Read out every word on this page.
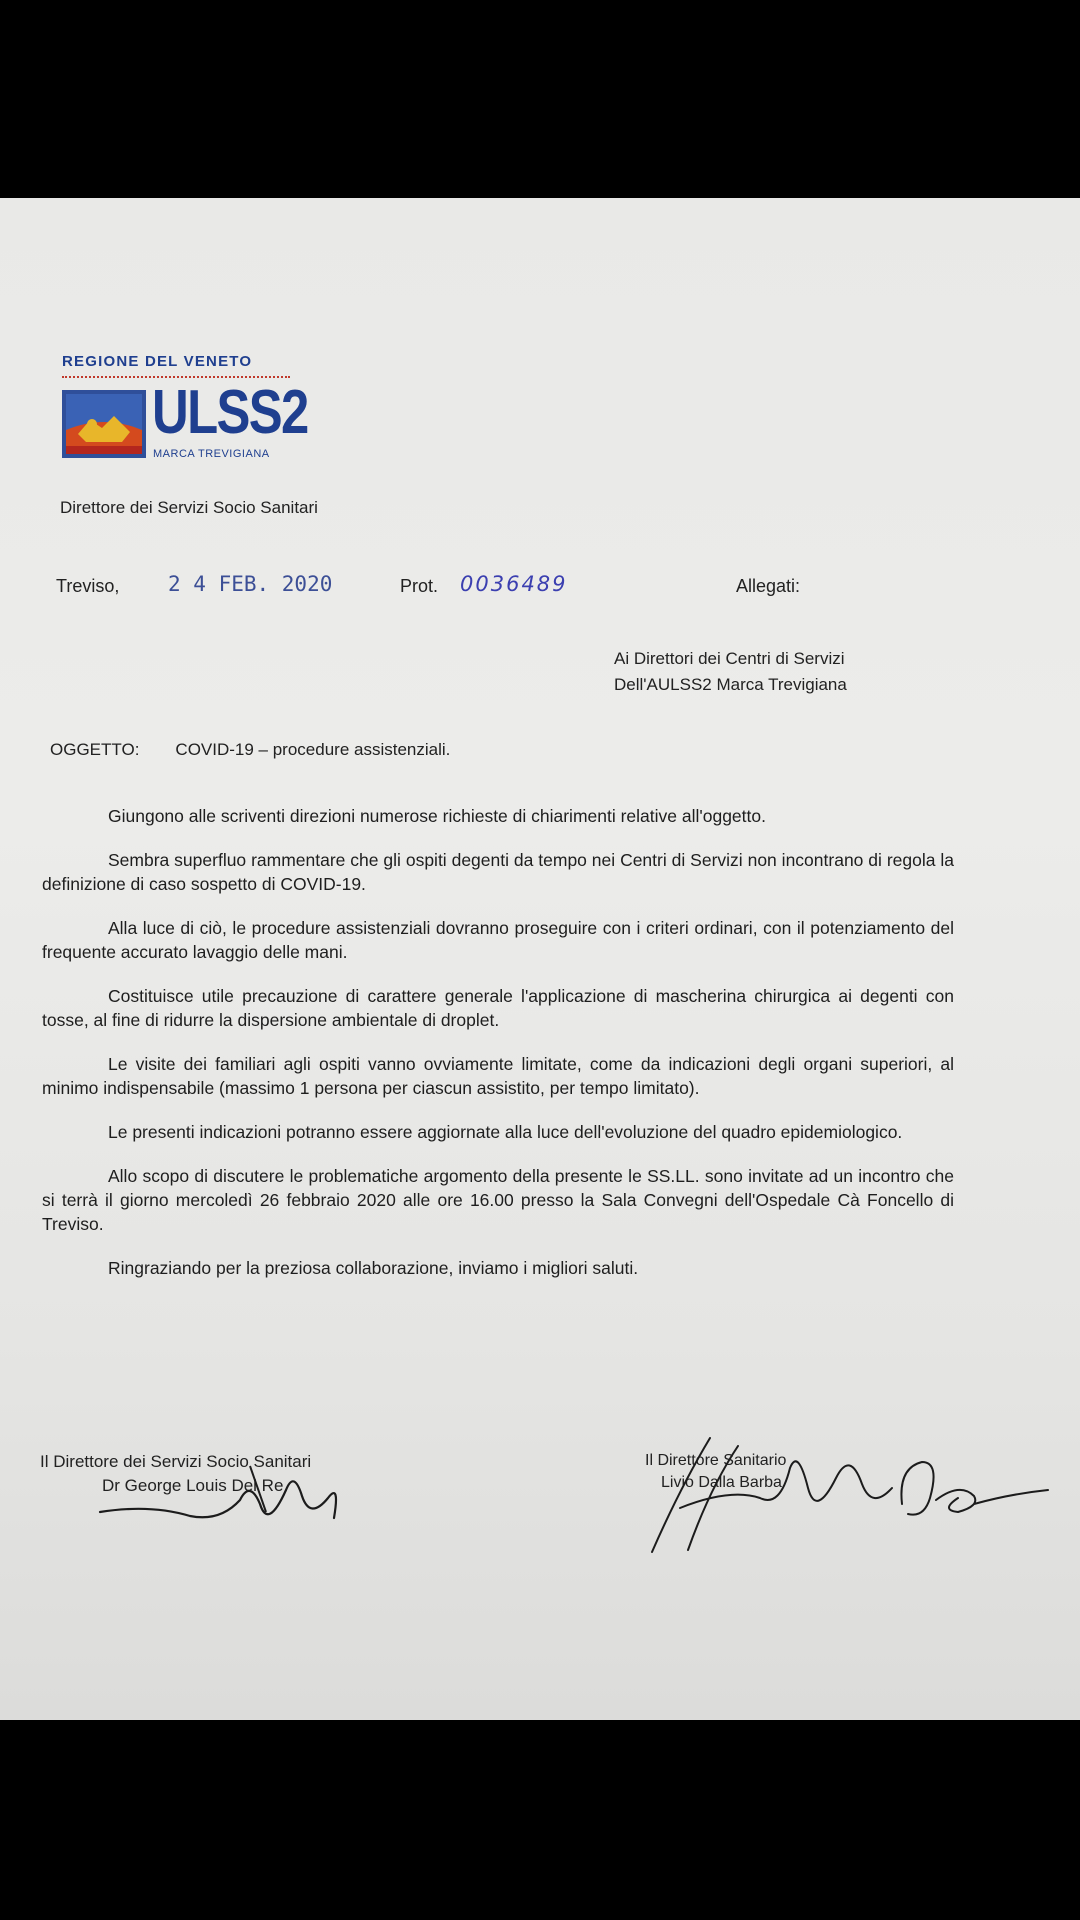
REGIONE DEL VENETO
ULSS2
MARCA TREVIGIANA
Direttore dei Servizi Socio Sanitari
Treviso, 2 4 FEB. 2020	Prot. 0036489	Allegati:
Ai Direttori dei Centri di Servizi
Dell'AULSS2 Marca Trevigiana
OGGETTO: COVID-19 – procedure assistenziali.

Giungono alle scriventi direzioni numerose richieste di chiarimenti relative all'oggetto.

Sembra superfluo rammentare che gli ospiti degenti da tempo nei Centri di Servizi non incontrano di regola la definizione di caso sospetto di COVID-19.

Alla luce di ciò, le procedure assistenziali dovranno proseguire con i criteri ordinari, con il potenziamento del frequente accurato lavaggio delle mani.

Costituisce utile precauzione di carattere generale l'applicazione di mascherina chirurgica ai degenti con tosse, al fine di ridurre la dispersione ambientale di droplet.

Le visite dei familiari agli ospiti vanno ovviamente limitate, come da indicazioni degli organi superiori, al minimo indispensabile (massimo 1 persona per ciascun assistito, per tempo limitato).

Le presenti indicazioni potranno essere aggiornate alla luce dell'evoluzione del quadro epidemiologico.

Allo scopo di discutere le problematiche argomento della presente le SS.LL. sono invitate ad un incontro che si terrà il giorno mercoledì 26 febbraio 2020 alle ore 16.00 presso la Sala Convegni dell'Ospedale Cà Foncello di Treviso.

Ringraziando per la preziosa collaborazione, inviamo i migliori saluti.

Il Direttore dei Servizi Socio Sanitari
Dr George Louis Del Re
Il Direttore Sanitario
Livio Dalla Barba
